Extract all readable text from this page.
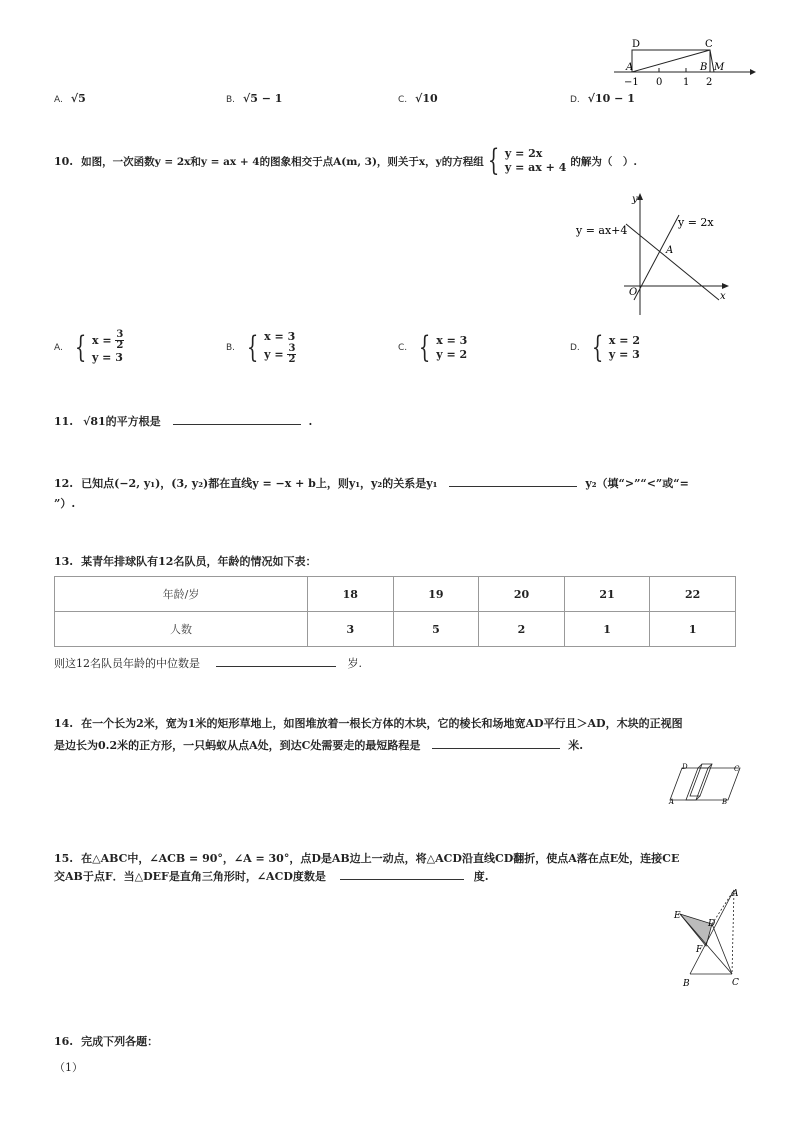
D	C
A	B M
−1 0 1 2
A. √5	B. √5 − 1	C. √10	D. √10 − 1
10. 如图，一次函数y = 2x和y = ax + 4的图象相交于点A(m, 3)，则关于x，y的方程组 { y = 2x
y = ax + 4 的解为（　）.
y
x
O
A
y = 2x
y = ax+4
A. { x =
$\frac{3}{2}$
y = 3
B. { x = 3
y =
$\frac{3}{2}$	C. { x = 3
y = 2	D. { x = 2
y = 3
11. √81的平方根是	.
12. 已知点(−2, y₁)，(3, y₂)都在直线y = −x + b上，则y₁，y₂的关系是y₁	y₂（填“>”“<”或“=
”）.
13. 某青年排球队有12名队员，年龄的情况如下表：
年龄/岁	18	19	20	21	22
人数	3	5	2	1	1
则这12名队员年龄的中位数是	岁.
14. 在一个长为2米，宽为1米的矩形草地上，如图堆放着一根长方体的木块，它的棱长和场地宽AD平行且＞AD，木块的正视图
是边长为0.2米的正方形，一只蚂蚁从点A处，到达C处需要走的最短路程是	米.
D	C
A	B
15. 在△ABC中，∠ACB = 90°，∠A = 30°，点D是AB边上一动点，将△ACD沿直线CD翻折，使点A落在点E处，连接CE
交AB于点F．当△DEF是直角三角形时，∠ACD度数是	度.
A
E
D
F
B	C
16. 完成下列各题：
（1）
